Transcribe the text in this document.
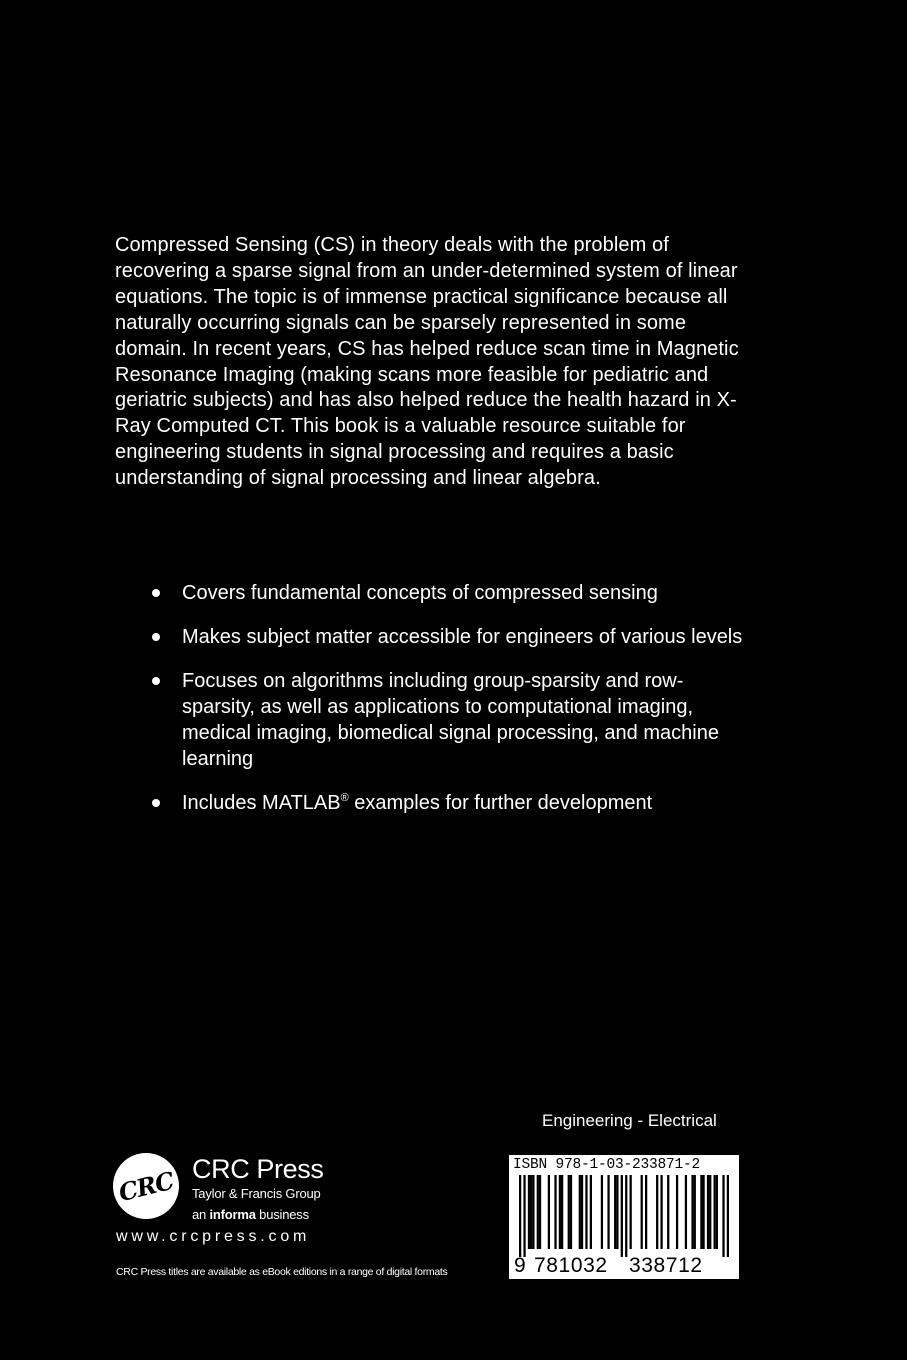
Compressed Sensing (CS) in theory deals with the problem of recovering a sparse signal from an under-determined system of linear equations. The topic is of immense practical significance because all naturally occurring signals can be sparsely represented in some domain. In recent years, CS has helped reduce scan time in Magnetic Resonance Imaging (making scans more feasible for pediatric and geriatric subjects) and has also helped reduce the health hazard in X-Ray Computed CT. This book is a valuable resource suitable for engineering students in signal processing and requires a basic understanding of signal processing and linear algebra.

Covers fundamental concepts of compressed sensing
Makes subject matter accessible for engineers of various levels
Focuses on algorithms including group-sparsity and row-sparsity, as well as applications to computational imaging, medical imaging, biomedical signal processing, and machine learning
Includes MATLAB® examples for further development
Engineering - Electrical
CRC CRC Press
Taylor & Francis Group
an informa business
www.crcpress.com
CRC Press titles are available as eBook editions in a range of digital formats
ISBN 978-1-03-233871-2
9 781032 338712
